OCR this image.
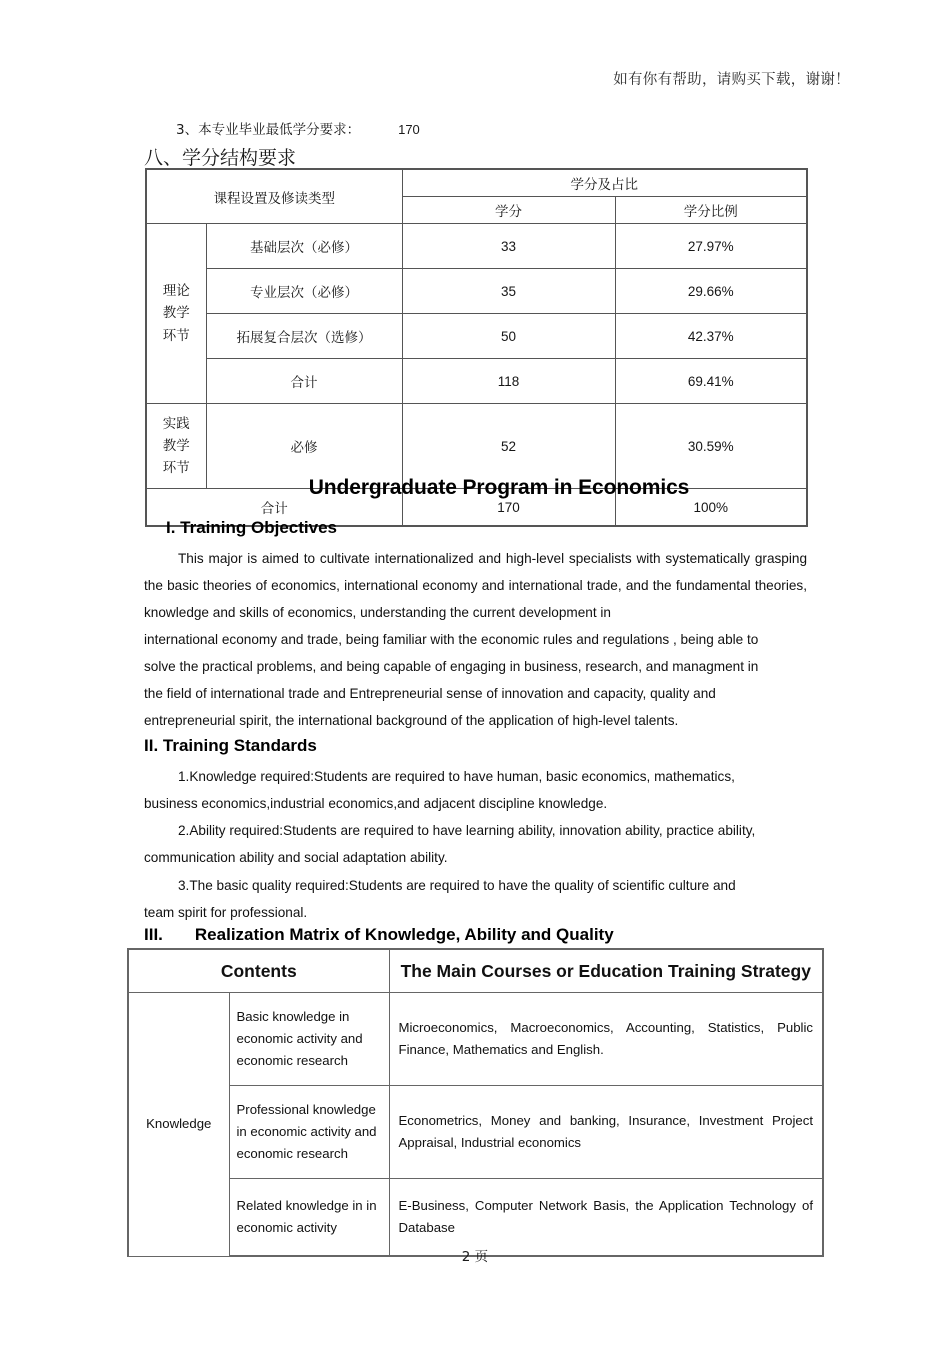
如有你有帮助，请购买下载，谢谢！
3、本专业毕业最低学分要求：	170
八、学分结构要求
课程设置及修读类型		学分及占比	
		学分	学分比例

理论
教学
环节	基础层次（必修）	33	27.97%
	专业层次（必修）	35	29.66%
	拓展复合层次（选修）	50	42.37%
	合计	118	69.41%

实践
教学
环节	必修	52	30.59%
合计		170	100%
Undergraduate Program in Economics
I. Training Objectives
This major is aimed to cultivate internationalized and high-level specialists with systematically grasping the basic theories of economics, international economy and international trade, and the fundamental theories, knowledge and skills of economics, understanding the current development in
international economy and trade, being familiar with the economic rules and regulations , being able to
solve the practical problems, and being capable of engaging in business, research, and managment in
the field of international trade and Entrepreneurial sense of innovation and capacity, quality and
entrepreneurial spirit, the international background of the application of high-level talents.
II. Training Standards
1.Knowledge required:Students are required to have human, basic economics, mathematics,
business economics,industrial economics,and adjacent discipline knowledge.
2.Ability required:Students are required to have learning ability, innovation ability, practice ability,
communication ability and social adaptation ability.
3.The basic quality required:Students are required to have the quality of scientific culture and
team spirit for professional.
III. Realization Matrix of Knowledge, Ability and Quality
Contents		The Main Courses or Education Training Strategy
Knowledge	Basic knowledge in economic activity and economic research	Microeconomics, Macroeconomics, Accounting, Statistics, Public Finance, Mathematics and English.
	Professional knowledge in economic activity and economic research	Econometrics, Money and banking, Insurance, Investment Project Appraisal, Industrial economics
	Related knowledge in in economic activity	E-Business, Computer Network Basis, the Application Technology of Database
2 页
